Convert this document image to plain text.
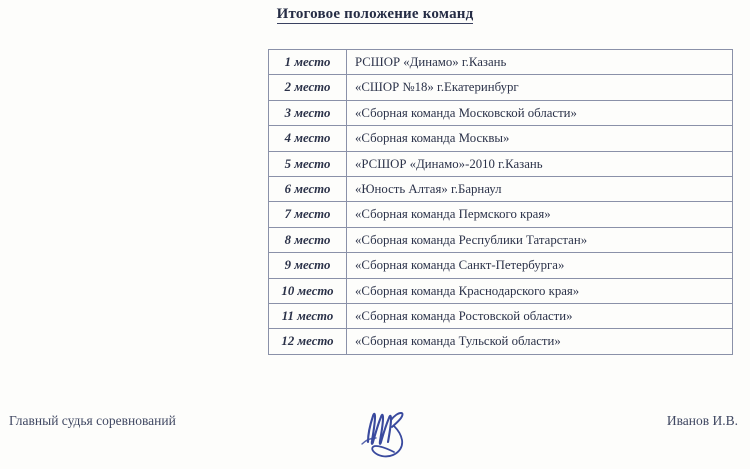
Итоговое положение команд
1 место	РСШОР «Динамо» г.Казань
2 место	«СШОР №18» г.Екатеринбург
3 место	«Сборная команда Московской области»
4 место	«Сборная команда Москвы»
5 место	«РСШОР «Динамо»-2010 г.Казань
6 место	«Юность Алтая» г.Барнаул
7 место	«Сборная команда Пермского края»
8 место	«Сборная команда Республики Татарстан»
9 место	«Сборная команда Санкт-Петербурга»
10 место	«Сборная команда Краснодарского края»
11 место	«Сборная команда Ростовской области»
12 место	«Сборная команда Тульской области»
Главный судья соревнований	Иванов И.В.
